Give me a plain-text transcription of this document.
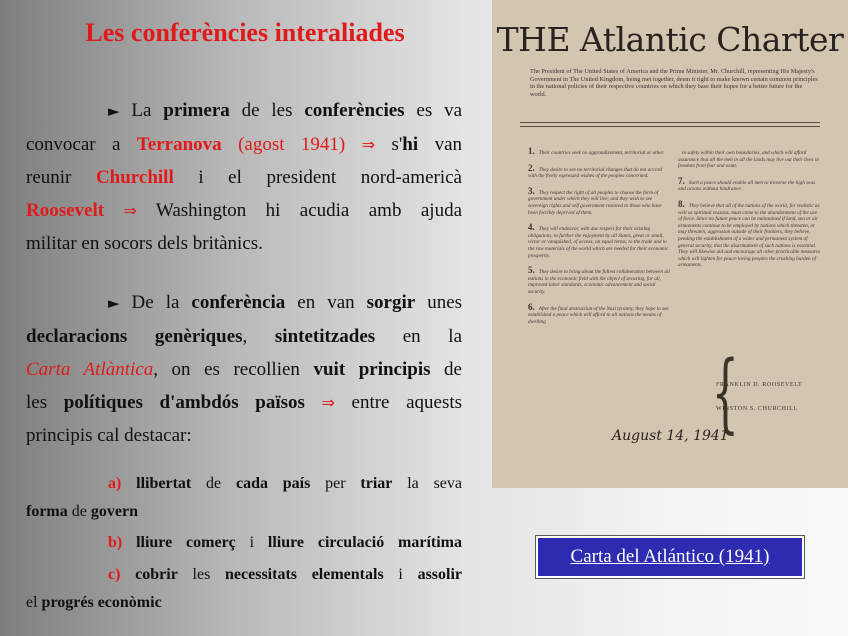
Les conferències interaliades
► La primera de les conferències es va
convocar a Terranova (agost 1941) ⇒ s'hi van
reunir Churchill i el president nord-americà
Roosevelt ⇒ Washington hi acudia amb ajuda
militar en socors dels britànics.
► De la conferència en van sorgir unes
declaracions genèriques, sintetitzades en la
Carta Atlàntica, on es recollien vuit principis de
les polítiques d'ambdós països ⇒ entre aquests
principis cal destacar:
a) llibertat de cada país per triar la seva
forma de govern
b) lliure comerç i lliure circulació marítima
c) cobrir les necessitats elementals i assolir
el progrés econòmic
THE Atlantic Charter
The President of The United States of America and the Prime Minister, Mr. Churchill, representing His Majesty's Government in The United Kingdom, being met together, deem it right to make known certain common principles in the national policies of their respective countries on which they base their hopes for a better future for the world.

1. Their countries seek no aggrandizement, territorial or other.

2. They desire to see no territorial changes that do not accord with the freely expressed wishes of the peoples concerned.

3. They respect the right of all peoples to choose the form of government under which they will live; and they wish to see sovereign rights and self government restored to those who have been forcibly deprived of them.

4. They will endeavor, with due respect for their existing obligations, to further the enjoyment by all States, great or small, victor or vanquished, of access, on equal terms, to the trade and to the raw materials of the world which are needed for their economic prosperity.

5. They desire to bring about the fullest collaboration between all nations in the economic field with the object of securing, for all, improved labor standards, economic advancement and social security.

6. After the final destruction of the Nazi tyranny, they hope to see established a peace which will afford to all nations the means of dwelling

in safety within their own boundaries, and which will afford assurance that all the men in all the lands may live out their lives in freedom from fear and want.

7. Such a peace should enable all men to traverse the high seas and oceans without hindrance.

8. They believe that all of the nations of the world, for realistic as well as spiritual reasons, must come to the abandonment of the use of force. Since no future peace can be maintained if land, sea or air armaments continue to be employed by nations which threaten, or may threaten, aggression outside of their frontiers, they believe, pending the establishment of a wider and permanent system of general security, that the disarmament of such nations is essential. They will likewise aid and encourage all other practicable measures which will lighten for peace-loving peoples the crushing burden of armaments.

{
FRANKLIN D. ROOSEVELT
WINSTON S. CHURCHILL
August 14, 1941
Carta del Atlántico (1941)
